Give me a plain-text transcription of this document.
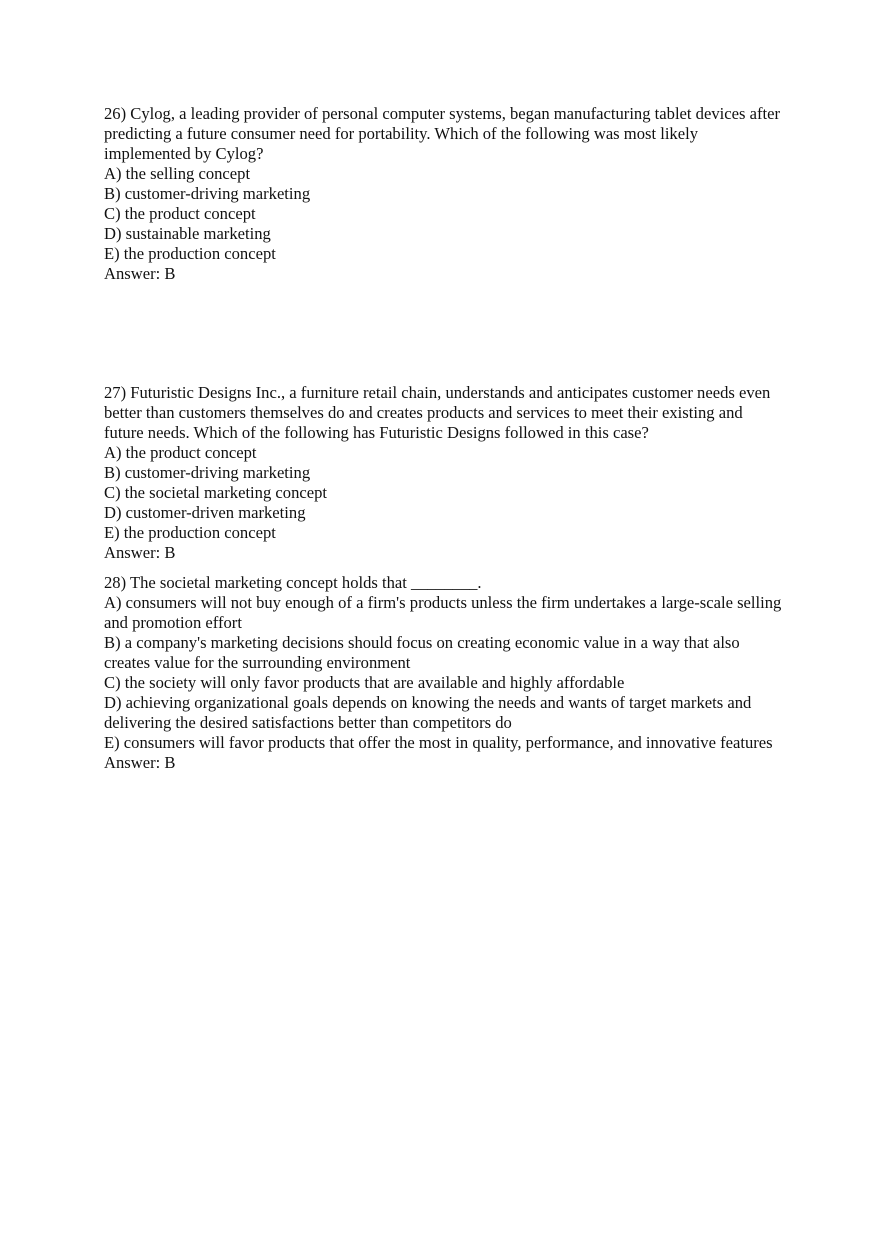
26) Cylog, a leading provider of personal computer systems, began manufacturing tablet devices after predicting a future consumer need for portability. Which of the following was most likely implemented by Cylog?
A) the selling concept
B) customer-driving marketing
C) the product concept
D) sustainable marketing
E) the production concept
Answer: B
27) Futuristic Designs Inc., a furniture retail chain, understands and anticipates customer needs even better than customers themselves do and creates products and services to meet their existing and future needs. Which of the following has Futuristic Designs followed in this case?
A) the product concept
B) customer-driving marketing
C) the societal marketing concept
D) customer-driven marketing
E) the production concept
Answer: B
28) The societal marketing concept holds that ________.
A) consumers will not buy enough of a firm's products unless the firm undertakes a large-scale selling and promotion effort
B) a company's marketing decisions should focus on creating economic value in a way that also creates value for the surrounding environment
C) the society will only favor products that are available and highly affordable
D) achieving organizational goals depends on knowing the needs and wants of target markets and delivering the desired satisfactions better than competitors do
E) consumers will favor products that offer the most in quality, performance, and innovative features
Answer: B
